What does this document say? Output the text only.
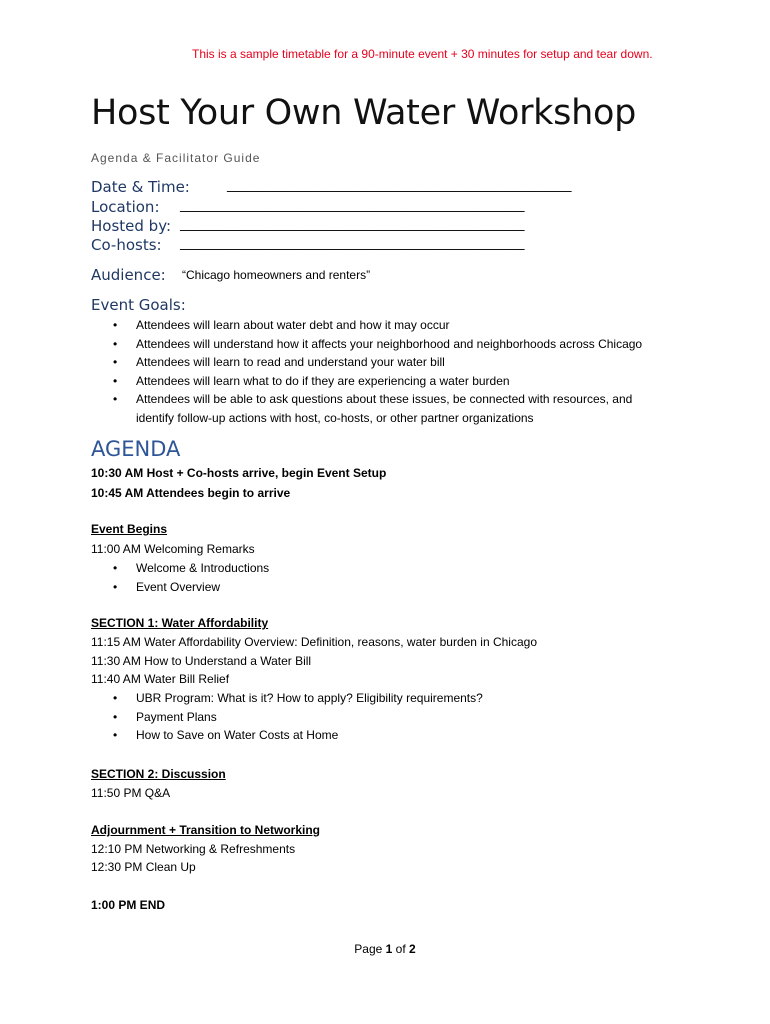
This is a sample timetable for a 90-minute event + 30 minutes for setup and tear down.
Host Your Own Water Workshop
Agenda & Facilitator Guide
Date & Time:	_____________________________________________________
Location: _____________________________________________________
Hosted by: _____________________________________________________
Co-hosts: _____________________________________________________
Audience: “Chicago homeowners and renters”
Event Goals:
• Attendees will learn about water debt and how it may occur
• Attendees will understand how it affects your neighborhood and neighborhoods across Chicago
• Attendees will learn to read and understand your water bill
• Attendees will learn what to do if they are experiencing a water burden
• Attendees will be able to ask questions about these issues, be connected with resources, and identify follow-up actions with host, co-hosts, or other partner organizations
AGENDA
10:30 AM Host + Co-hosts arrive, begin Event Setup
10:45 AM Attendees begin to arrive
Event Begins
11:00 AM Welcoming Remarks
• Welcome & Introductions
• Event Overview
SECTION 1: Water Affordability
11:15 AM Water Affordability Overview: Definition, reasons, water burden in Chicago
11:30 AM How to Understand a Water Bill
11:40 AM Water Bill Relief
• UBR Program: What is it? How to apply? Eligibility requirements?
• Payment Plans
• How to Save on Water Costs at Home
SECTION 2: Discussion
11:50 PM Q&A
Adjournment + Transition to Networking
12:10 PM Networking & Refreshments
12:30 PM Clean Up
1:00 PM END
Page 1 of 2
